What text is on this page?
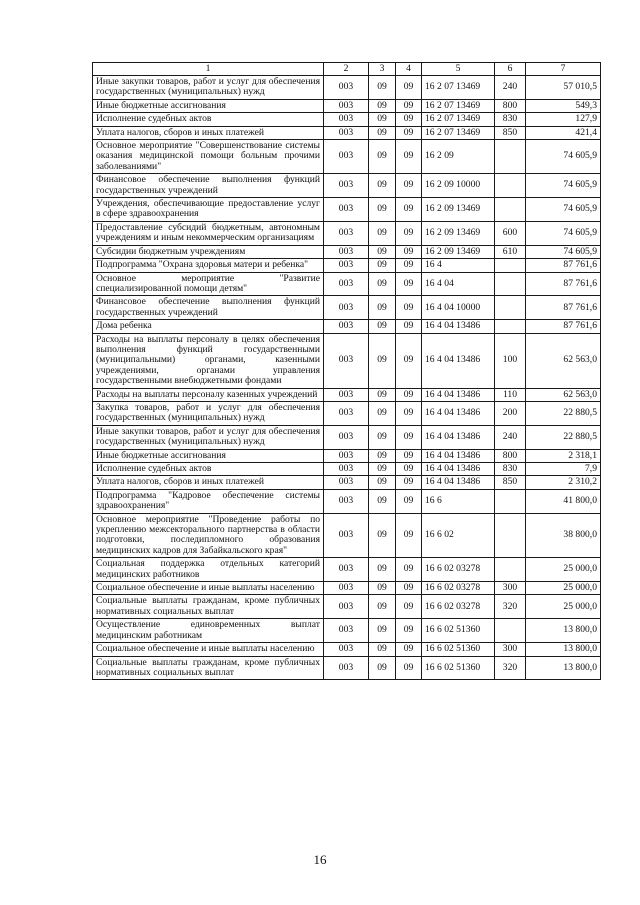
1	2	3	4	5	6	7
Иные закупки товаров, работ и услуг для обеспечения государственных (муниципальных) нужд	003	09	09	16 2 07 13469	240	57 010,5
Иные бюджетные ассигнования	003	09	09	16 2 07 13469	800	549,3
Исполнение судебных актов	003	09	09	16 2 07 13469	830	127,9
Уплата налогов, сборов и иных платежей	003	09	09	16 2 07 13469	850	421,4
Основное мероприятие "Совершенствование системы оказания медицинской помощи больным прочими заболеваниями"	003	09	09	16 2 09		74 605,9
Финансовое обеспечение выполнения функций государственных учреждений	003	09	09	16 2 09 10000		74 605,9
Учреждения, обеспечивающие предоставление услуг в сфере здравоохранения	003	09	09	16 2 09 13469		74 605,9
Предоставление субсидий бюджетным, автономным учреждениям и иным некоммерческим организациям	003	09	09	16 2 09 13469	600	74 605,9
Субсидии бюджетным учреждениям	003	09	09	16 2 09 13469	610	74 605,9
Подпрограмма "Охрана здоровья матери и ребенка"	003	09	09	16 4		87 761,6
Основное мероприятие "Развитие специализированной помощи детям"	003	09	09	16 4 04		87 761,6
Финансовое обеспечение выполнения функций государственных учреждений	003	09	09	16 4 04 10000		87 761,6
Дома ребенка	003	09	09	16 4 04 13486		87 761,6
Расходы на выплаты персоналу в целях обеспечения выполнения функций государственными (муниципальными) органами, казенными учреждениями, органами управления государственными внебюджетными фондами	003	09	09	16 4 04 13486	100	62 563,0
Расходы на выплаты персоналу казенных учреждений	003	09	09	16 4 04 13486	110	62 563,0
Закупка товаров, работ и услуг для обеспечения государственных (муниципальных) нужд	003	09	09	16 4 04 13486	200	22 880,5
Иные закупки товаров, работ и услуг для обеспечения государственных (муниципальных) нужд	003	09	09	16 4 04 13486	240	22 880,5
Иные бюджетные ассигнования	003	09	09	16 4 04 13486	800	2 318,1
Исполнение судебных актов	003	09	09	16 4 04 13486	830	7,9
Уплата налогов, сборов и иных платежей	003	09	09	16 4 04 13486	850	2 310,2
Подпрограмма "Кадровое обеспечение системы здравоохранения"	003	09	09	16 6		41 800,0
Основное мероприятие "Проведение работы по укреплению межсекторального партнерства в области подготовки, последипломного образования медицинских кадров для Забайкальского края"	003	09	09	16 6 02		38 800,0
Социальная поддержка отдельных категорий медицинских работников	003	09	09	16 6 02 03278		25 000,0
Социальное обеспечение и иные выплаты населению	003	09	09	16 6 02 03278	300	25 000,0
Социальные выплаты гражданам, кроме публичных нормативных социальных выплат	003	09	09	16 6 02 03278	320	25 000,0
Осуществление единовременных выплат медицинским работникам	003	09	09	16 6 02 51360		13 800,0
Социальное обеспечение и иные выплаты населению	003	09	09	16 6 02 51360	300	13 800,0
Социальные выплаты гражданам, кроме публичных нормативных социальных выплат	003	09	09	16 6 02 51360	320	13 800,0
16
